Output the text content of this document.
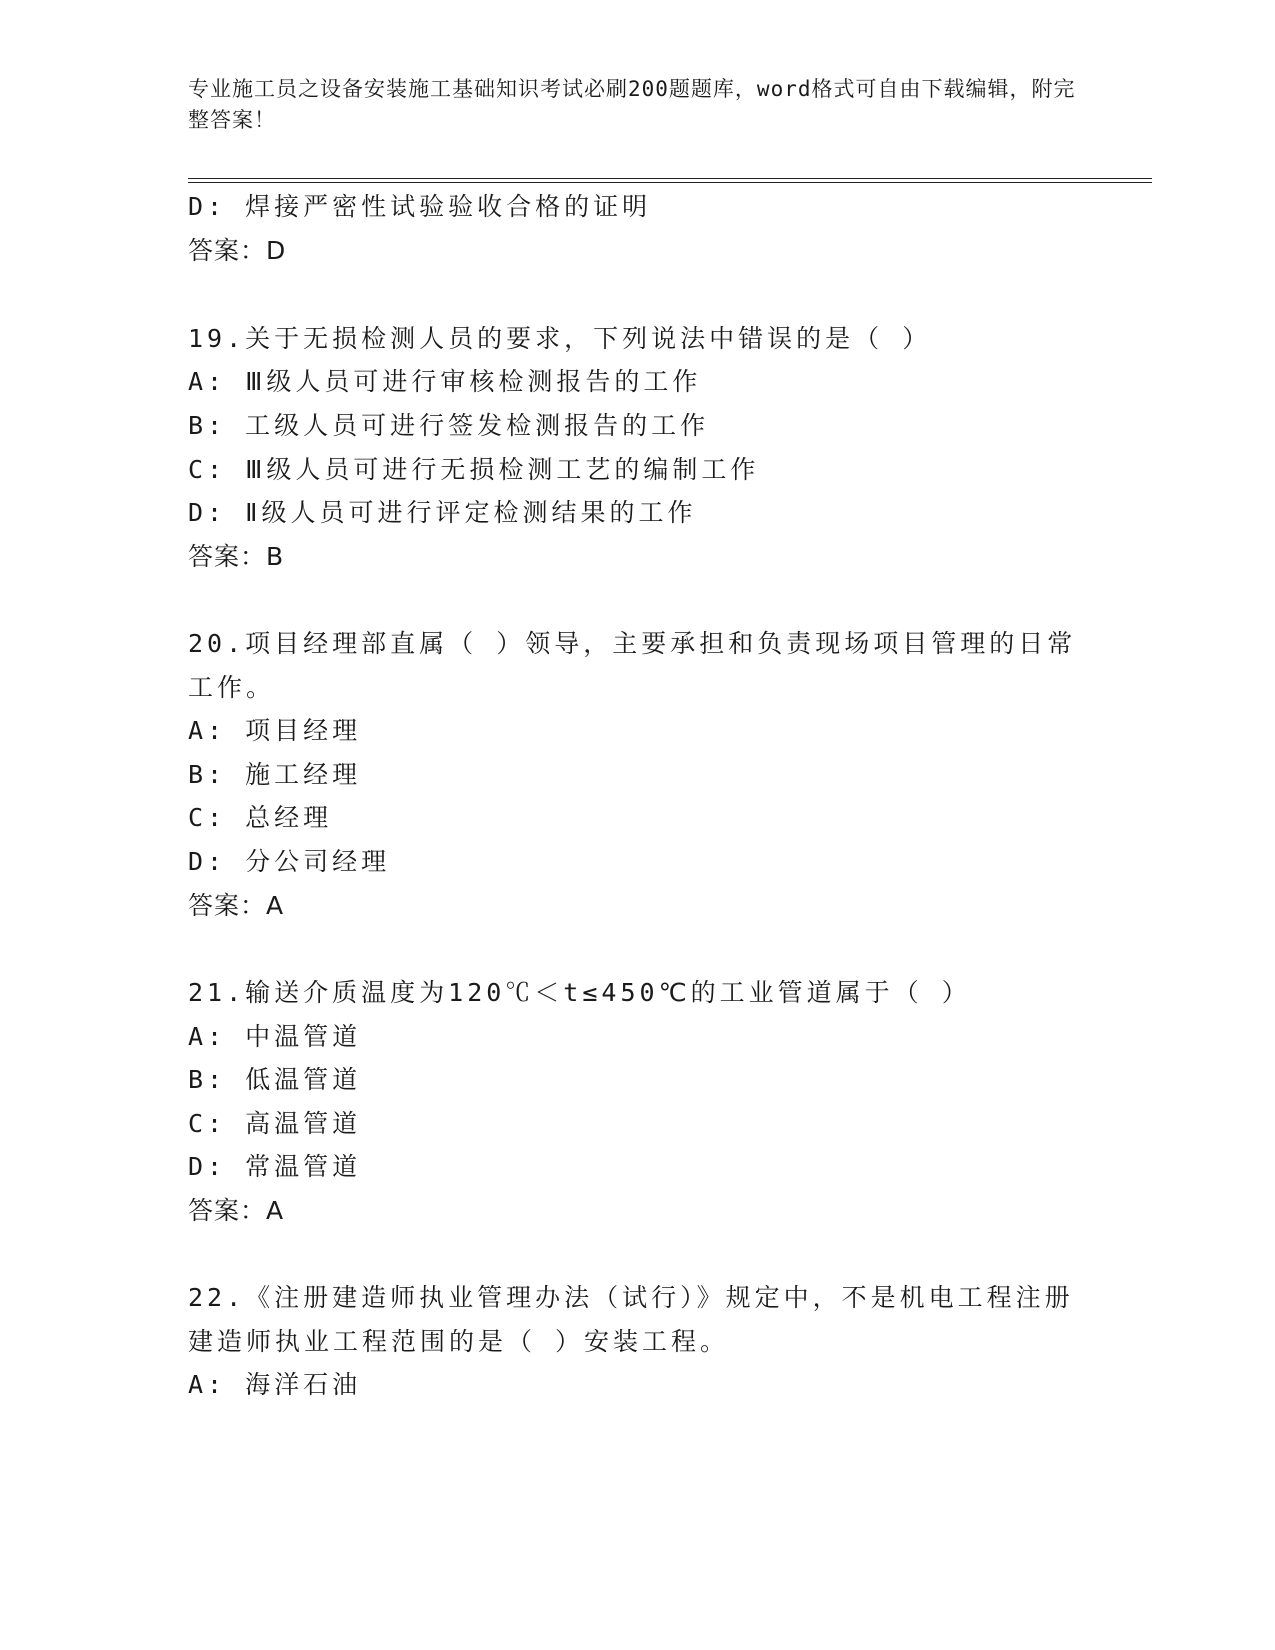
专业施工员之设备安装施工基础知识考试必刷200题题库，word格式可自由下载编辑，附完整答案！
D: 焊接严密性试验验收合格的证明
答案：D
19.关于无损检测人员的要求，下列说法中错误的是（ ）
A: Ⅲ级人员可进行审核检测报告的工作
B: 工级人员可进行签发检测报告的工作
C: Ⅲ级人员可进行无损检测工艺的编制工作
D: Ⅱ级人员可进行评定检测结果的工作
答案：B
20.项目经理部直属（ ）领导，主要承担和负责现场项目管理的日常
工作。
A: 项目经理
B: 施工经理
C: 总经理
D: 分公司经理
答案：A
21.输送介质温度为120℃＜t≤450℃的工业管道属于（ ）
A: 中温管道
B: 低温管道
C: 高温管道
D: 常温管道
答案：A
22.《注册建造师执业管理办法（试行）》规定中，不是机电工程注册
建造师执业工程范围的是（ ）安装工程。
A: 海洋石油
